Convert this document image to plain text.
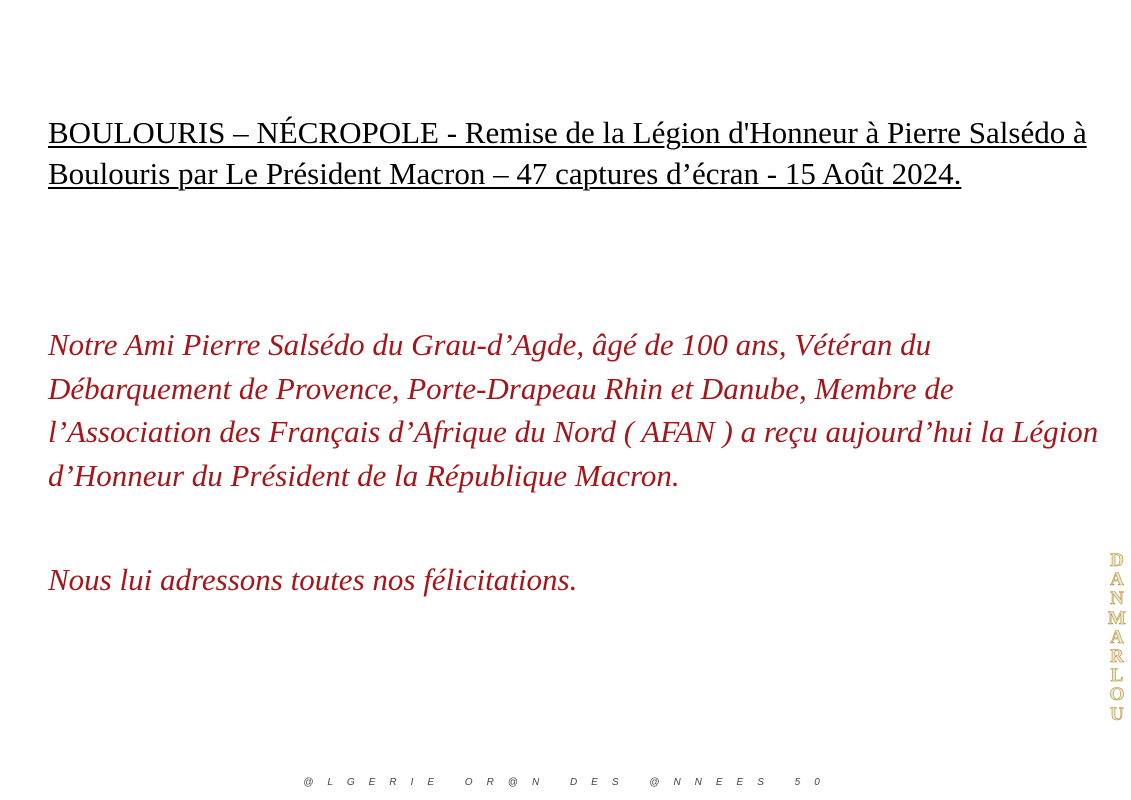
BOULOURIS – NÉCROPOLE - Remise de la Légion d'Honneur à Pierre Salsédo à Boulouris par Le Président Macron – 47 captures d’écran - 15 Août 2024.

Notre Ami Pierre Salsédo du Grau-d’Agde, âgé de 100 ans, Vétéran du Débarquement de Provence, Porte-Drapeau Rhin et Danube, Membre de l’Association des Français d’Afrique du Nord ( AFAN ) a reçu aujourd’hui la Légion d’Honneur du Président de la République Macron.

Nous lui adressons toutes nos félicitations.

D
A
N
M
A
R
L
O
U
@LGERIE OR@N DES @NNEES 50
